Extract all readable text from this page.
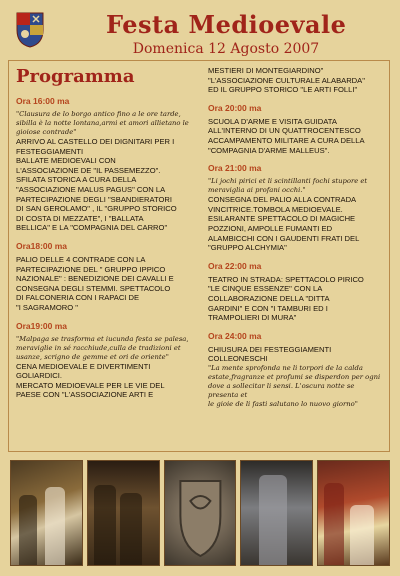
Festa Medioevale
Domenica 12 Agosto 2007
Programma
Ora 16:00 ma
"Clausura de lo borgo antico fino a le ore tarde,
sibilla è la notte lontana,armi et amori allietano le
gioiose contrade"
ARRIVO AL CASTELLO DEI DIGNITARI PER I
FESTEGGIAMENTI
BALLATE MEDIOEVALI CON
L'ASSOCIAZIONE DE "IL PASSEMEZZO".
SFILATA STORICA A CURA DELLA
"ASSOCIAZIONE MALUS PAGUS" CON LA
PARTECIPAZIONE DEGLI "SBANDIERATORI
DI SAN GEROLAMO" , IL "GRUPPO STORICO
DI COSTA DI MEZZATE", I "BALLATA
BELLICA" E LA "COMPAGNIA DEL CARRO"
Ora18:00 ma
PALIO DELLE 4 CONTRADE CON LA
PARTECIPAZIONE DEL " GRUPPO IPPICO
NAZIONALE" : BENEDIZIONE DEI CAVALLI E
CONSEGNA DEGLI STEMMI. SPETTACOLO
DI FALCONERIA CON I RAPACI DE
"I SAGRAMORO "
Ora19:00 ma
"Malpaga se trasforma et iucunda festa se palesa,
meraviglie in sé racchiude,culla de tradizioni et
usanze, scrigno de gemme et ori de oriente"
CENA MEDIOEVALE E DIVERTIMENTI
GOLIARDICI.
MERCATO MEDIOEVALE PER LE VIE DEL
PAESE CON "L'ASSOCIAZIONE ARTI E
MESTIERI DI MONTEGIARDINO"
"L'ASSOCIAZIONE CULTURALE ALABARDA"
ED IL GRUPPO STORICO "LE ARTI FOLLI"
Ora 20:00 ma
SCUOLA D'ARME E VISITA GUIDATA
ALL'INTERNO DI UN QUATTROCENTESCO
ACCAMPAMENTO MILITARE A CURA DELLA
"COMPAGNIA D'ARME MALLEUS".
Ora 21:00 ma
"Li jochi pirici et li scintillanti fochi stupore et
meraviglia ai profani occhi."
CONSEGNA DEL PALIO ALLA CONTRADA
VINCITRICE.TOMBOLA MEDIOEVALE.
ESILARANTE SPETTACOLO DI MAGICHE
POZZIONI, AMPOLLE FUMANTI ED
ALAMBICCHI CON I GAUDENTI FRATI DEL
"GRUPPO ALCHYMIA"
Ora 22:00 ma
TEATRO IN STRADA: SPETTACOLO PIRICO
"LE CINQUE ESSENZE" CON LA
COLLABORAZIONE DELLA "DITTA
GARDINI" E CON "I TAMBURI ED I
TRAMPOLIERI DI MURA"
Ora 24:00 ma
CHIUSURA DEI FESTEGGIAMENTI
COLLEONESCHI
"La mente sprofonda ne li torpori de la calda
estate,fragranze et profumi se disperdon per ogni
dove a sollecitar li sensi. L'oscura notte se presenta et
le gioie de li fasti salutano lo nuovo giorno"
